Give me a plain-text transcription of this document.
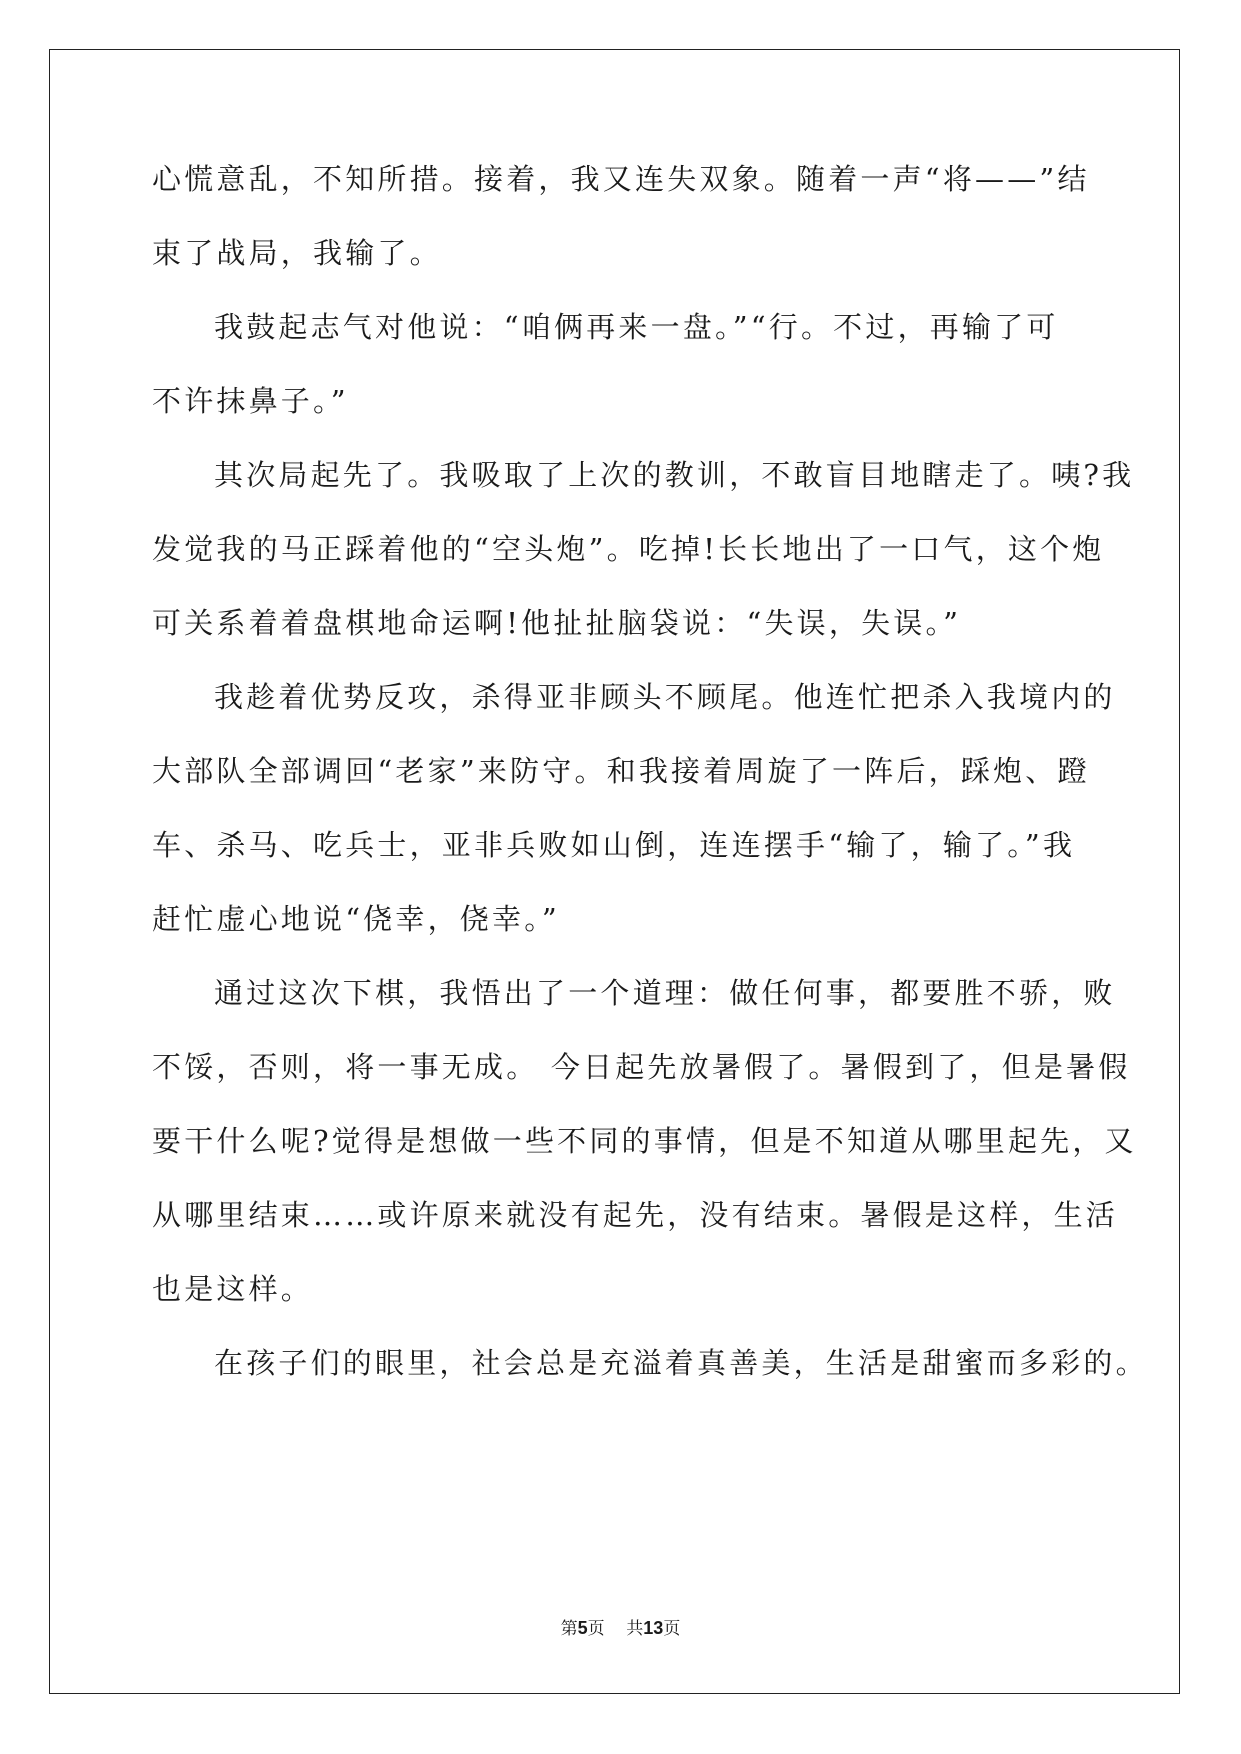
心慌意乱，不知所措。接着，我又连失双象。随着一声“将——”结
束了战局，我输了。
我鼓起志气对他说：“咱俩再来一盘。”“行。不过，再输了可
不许抹鼻子。”
其次局起先了。我吸取了上次的教训，不敢盲目地瞎走了。咦?我
发觉我的马正踩着他的“空头炮”。吃掉!长长地出了一口气，这个炮
可关系着着盘棋地命运啊!他扯扯脑袋说：“失误，失误。”
我趁着优势反攻，杀得亚非顾头不顾尾。他连忙把杀入我境内的
大部队全部调回“老家”来防守。和我接着周旋了一阵后，踩炮、蹬
车、杀马、吃兵士，亚非兵败如山倒，连连摆手“输了，输了。”我
赶忙虚心地说“侥幸，侥幸。”
通过这次下棋，我悟出了一个道理：做任何事，都要胜不骄，败
不馁，否则，将一事无成。 今日起先放暑假了。暑假到了，但是暑假
要干什么呢?觉得是想做一些不同的事情，但是不知道从哪里起先，又
从哪里结束……或许原来就没有起先，没有结束。暑假是这样，生活
也是这样。
在孩子们的眼里，社会总是充溢着真善美，生活是甜蜜而多彩的。
第5页 共13页
